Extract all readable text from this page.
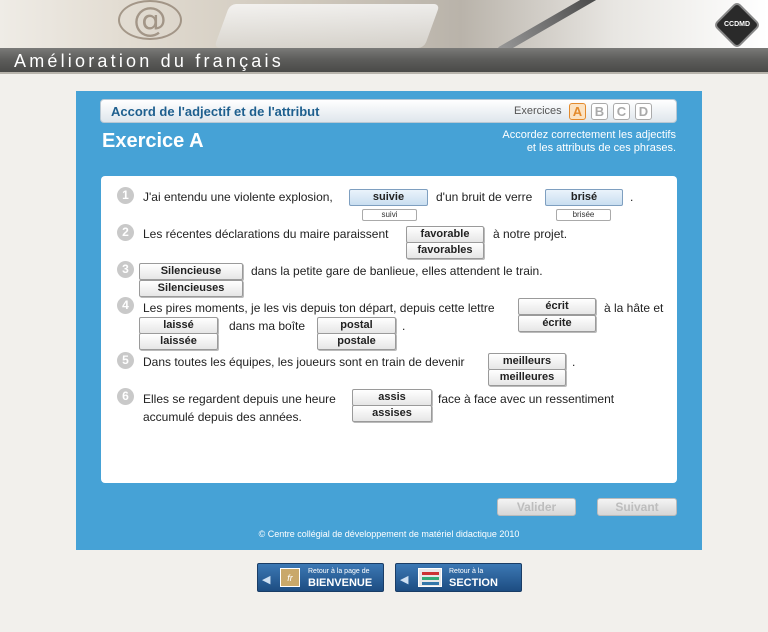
@	CCDMD
Amélioration du français
Accord de l'adjectif et de l'attribut	Exercices A B C D
Exercice A	Accordez correctement les adjectifs
et les attributs de ces phrases.
1	J'ai entendu une violente explosion,	suivie
suivi
d'un bruit de verre	brisé
brisée
.
2	Les récentes déclarations du maire paraissent	favorable
favorables
à notre projet.
3	Silencieuse
Silencieuses
dans la petite gare de banlieue, elles attendent le train.
4	Les pires moments, je les vis depuis ton départ, depuis cette lettre	écrit
écrite
à la hâte et
laissé
laissée
dans ma boîte	postal
postale
.
5	Dans toutes les équipes, les joueurs sont en train de devenir	meilleurs
meilleures
.
6	Elles se regardent depuis une heure	assis
assises
face à face avec un ressentiment
accumulé depuis des années.
Valider	Suivant
© Centre collégial de développement de matériel didactique 2010
◀	fr
Retour à la page de
BIENVENUE	◀
Retour à la
SECTION
